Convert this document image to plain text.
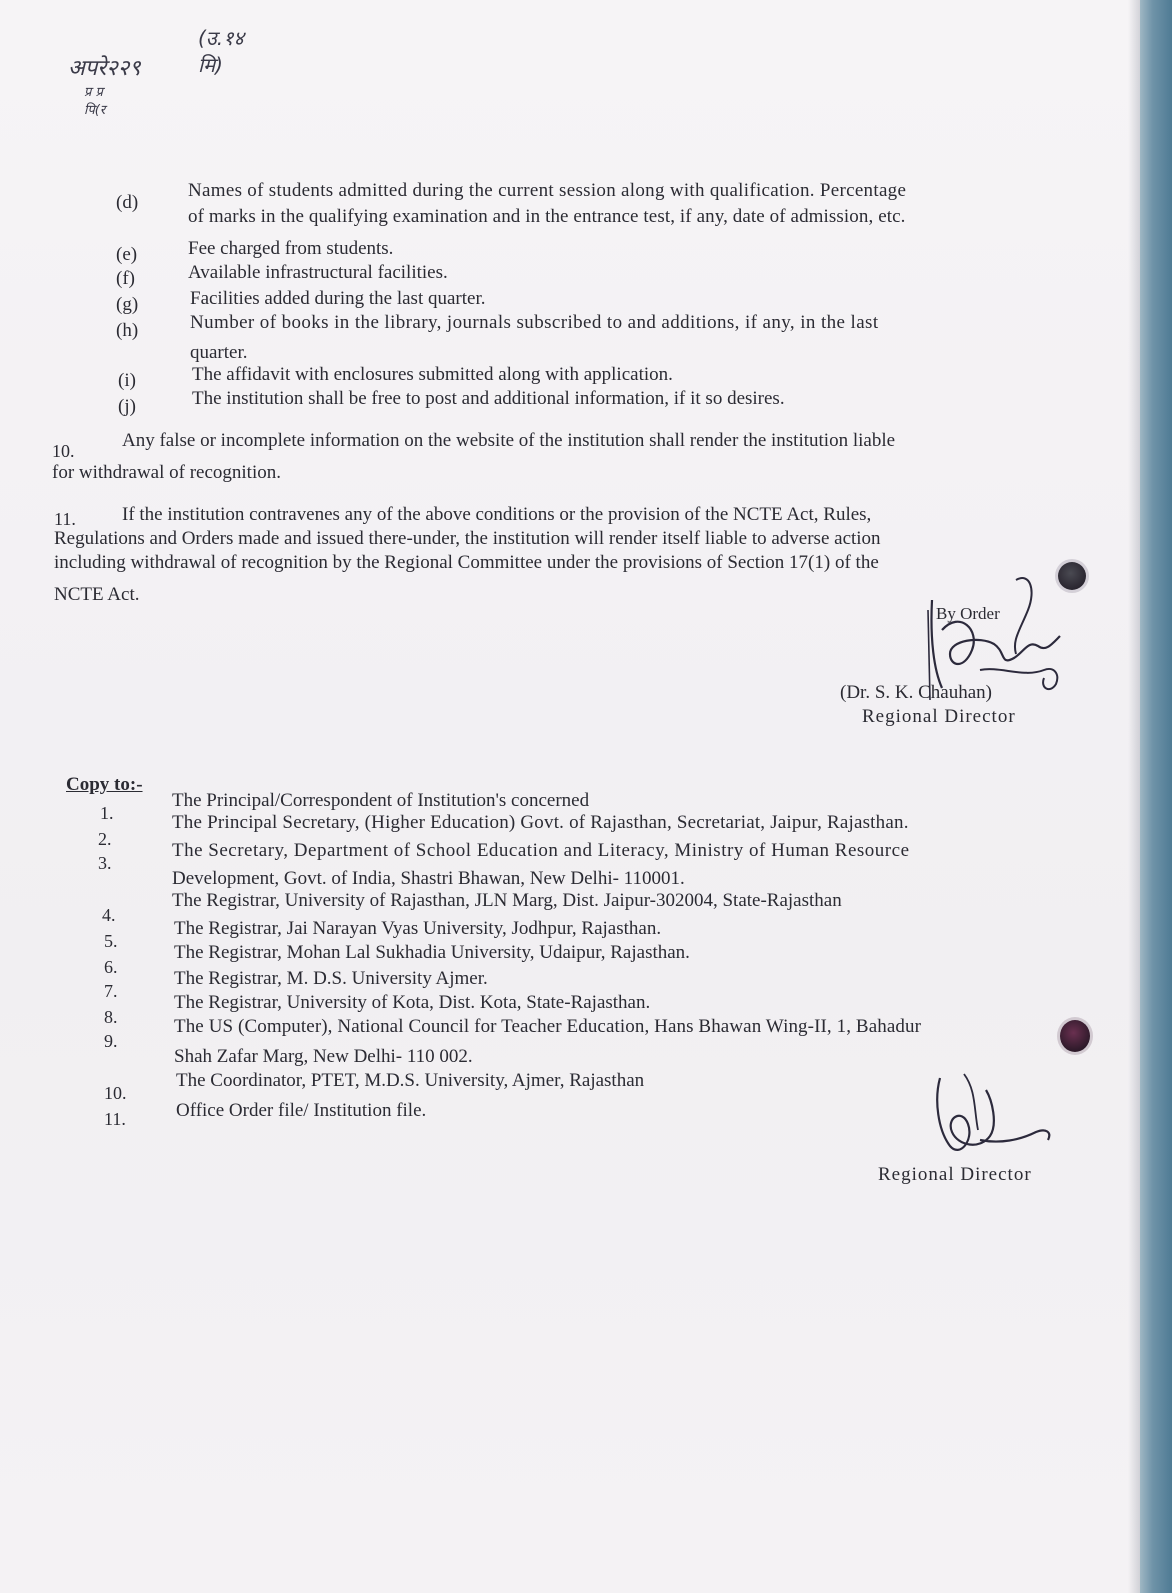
अपरे२२९
प्र प्र पि(र
(उ.१४ मि)
(d)
Names of students admitted during the current session along with qualification. Percentage
of marks in the qualifying examination and in the entrance test, if any, date of admission, etc.
(e)	Fee charged from students.
(f)	Available infrastructural facilities.
(g)	Facilities added during the last quarter.
(h)	Number of books in the library, journals subscribed to and additions, if any, in the last
quarter.
(i)	The affidavit with enclosures submitted along with application.
(j)	The institution shall be free to post and additional information, if it so desires.
10.	Any false or incomplete information on the website of the institution shall render the institution liable
for withdrawal of recognition.
11. If the institution contravenes any of the above conditions or the provision of the NCTE Act, Rules,
Regulations and Orders made and issued there-under, the institution will render itself liable to adverse action
including withdrawal of recognition by the Regional Committee under the provisions of Section 17(1) of the
NCTE Act.
By Order
(Dr. S. K. Chauhan)
Regional Director
Copy to:-
1.
The Principal/Correspondent of Institution's concerned
2.
The Principal Secretary, (Higher Education) Govt. of Rajasthan, Secretariat, Jaipur, Rajasthan.
3.
The Secretary, Department of School Education and Literacy, Ministry of Human Resource
Development, Govt. of India, Shastri Bhawan, New Delhi- 110001.
4.
The Registrar, University of Rajasthan, JLN Marg, Dist. Jaipur-302004, State-Rajasthan
5.
The Registrar, Jai Narayan Vyas University, Jodhpur, Rajasthan.
6.
The Registrar, Mohan Lal Sukhadia University, Udaipur, Rajasthan.
7.
The Registrar, M. D.S. University Ajmer.
8.
The Registrar, University of Kota, Dist. Kota, State-Rajasthan.
9.
The US (Computer), National Council for Teacher Education, Hans Bhawan Wing-II, 1, Bahadur
Shah Zafar Marg, New Delhi- 110 002.
10.
The Coordinator, PTET, M.D.S. University, Ajmer, Rajasthan
11.	Office Order file/ Institution file.
Regional Director
